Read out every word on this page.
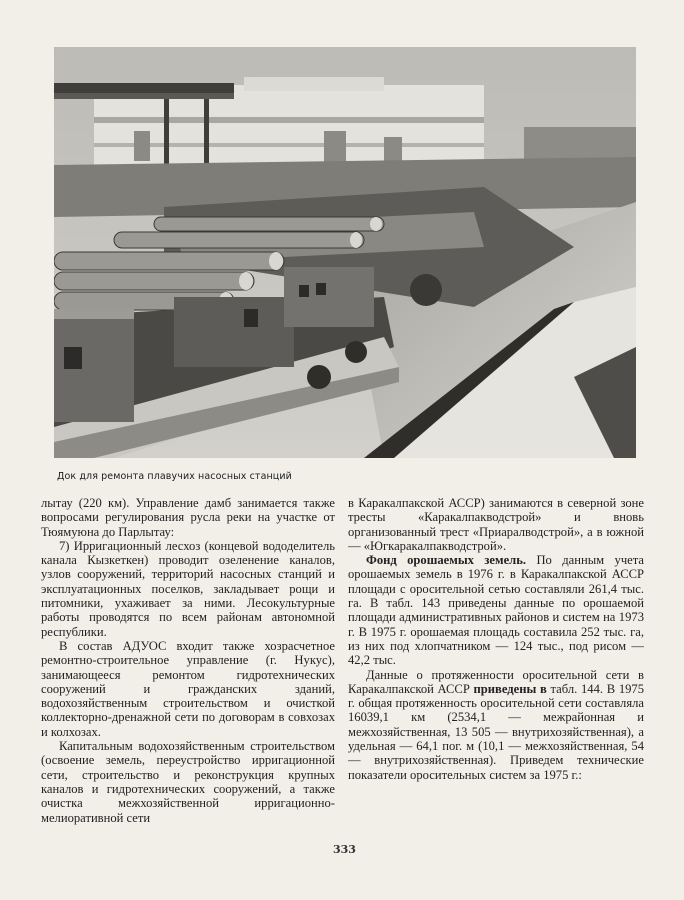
Док для ремонта плавучих насосных станций

лытау (220 км). Управление дамб занимается также вопросами регулирования русла реки на участке от Тюямуюна до Парлытау:

7) Ирригационный лесхоз (концевой вододелитель канала Кызкеткен) проводит озеленение каналов, узлов сооружений, территорий насосных станций и эксплуатационных поселков, закладывает рощи и питомники, ухаживает за ними. Лесокультурные работы проводятся по всем районам автономной республики.

В состав АДУОС входит также хозрасчетное ремонтно-строительное управление (г. Нукус), занимающееся ремонтом гидротехнических сооружений и гражданских зданий, водохозяйственным строительством и очисткой коллекторно-дренажной сети по договорам в совхозах и колхозах.

Капитальным водохозяйственным строительством (освоение земель, переустройство ирригационной сети, строительство и реконструкция крупных каналов и гидротехнических сооружений, а также очистка межхозяйственной ирригационно-мелиоративной сети

в Каракалпакской АССР) занимаются в северной зоне тресты «Каракалпакводстрой» и вновь организованный трест «Приаралводстрой», а в южной — «Югкаракалпакводстрой».

Фонд орошаемых земель. По данным учета орошаемых земель в 1976 г. в Каракалпакской АССР площади с оросительной сетью составляли 261,4 тыс. га. В табл. 143 приведены данные по орошаемой площади административных районов и систем на 1973 г. В 1975 г. орошаемая площадь составила 252 тыс. га, из них под хлопчатником — 124 тыс., под рисом — 42,2 тыс.

Данные о протяженности оросительной сети в Каракалпакской АССР приведены в табл. 144. В 1975 г. общая протяженность оросительной сети составляла 16039,1 км (2534,1 — межрайонная и межхозяйственная, 13 505 — внутрихозяйственная), а удельная — 64,1 пог. м (10,1 — межхозяйственная, 54— внутрихозяйственная). Приведем технические показатели оросительных систем за 1975 г.:

333
